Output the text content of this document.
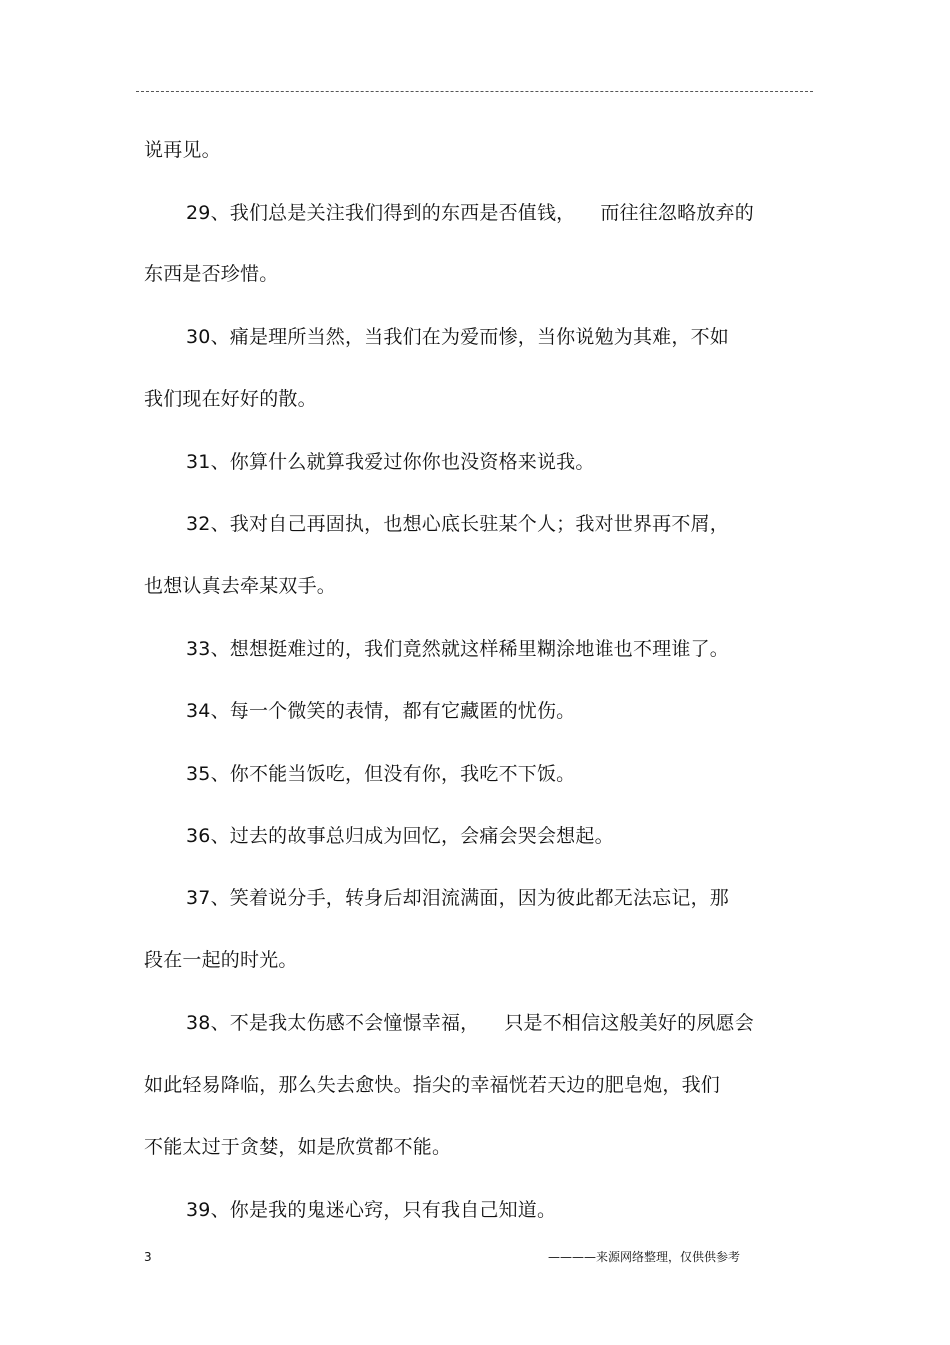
说再见。
29、我们总是关注我们得到的东西是否值钱，    而往往忽略放弃的
东西是否珍惜。
30、痛是理所当然，当我们在为爱而惨，当你说勉为其难，不如
我们现在好好的散。
31、你算什么就算我爱过你你也没资格来说我。
32、我对自己再固执，也想心底长驻某个人；我对世界再不屑，
也想认真去牵某双手。
33、想想挺难过的，我们竟然就这样稀里糊涂地谁也不理谁了。
34、每一个微笑的表情，都有它藏匿的忧伤。
35、你不能当饭吃，但没有你，我吃不下饭。
36、过去的故事总归成为回忆，会痛会哭会想起。
37、笑着说分手，转身后却泪流满面，因为彼此都无法忘记，那
段在一起的时光。
38、不是我太伤感不会憧憬幸福，    只是不相信这般美好的夙愿会
如此轻易降临，那么失去愈快。指尖的幸福恍若天边的肥皂炮，我们
不能太过于贪婪，如是欣赏都不能。
39、你是我的鬼迷心窍，只有我自己知道。
3	————来源网络整理，仅供供参考
